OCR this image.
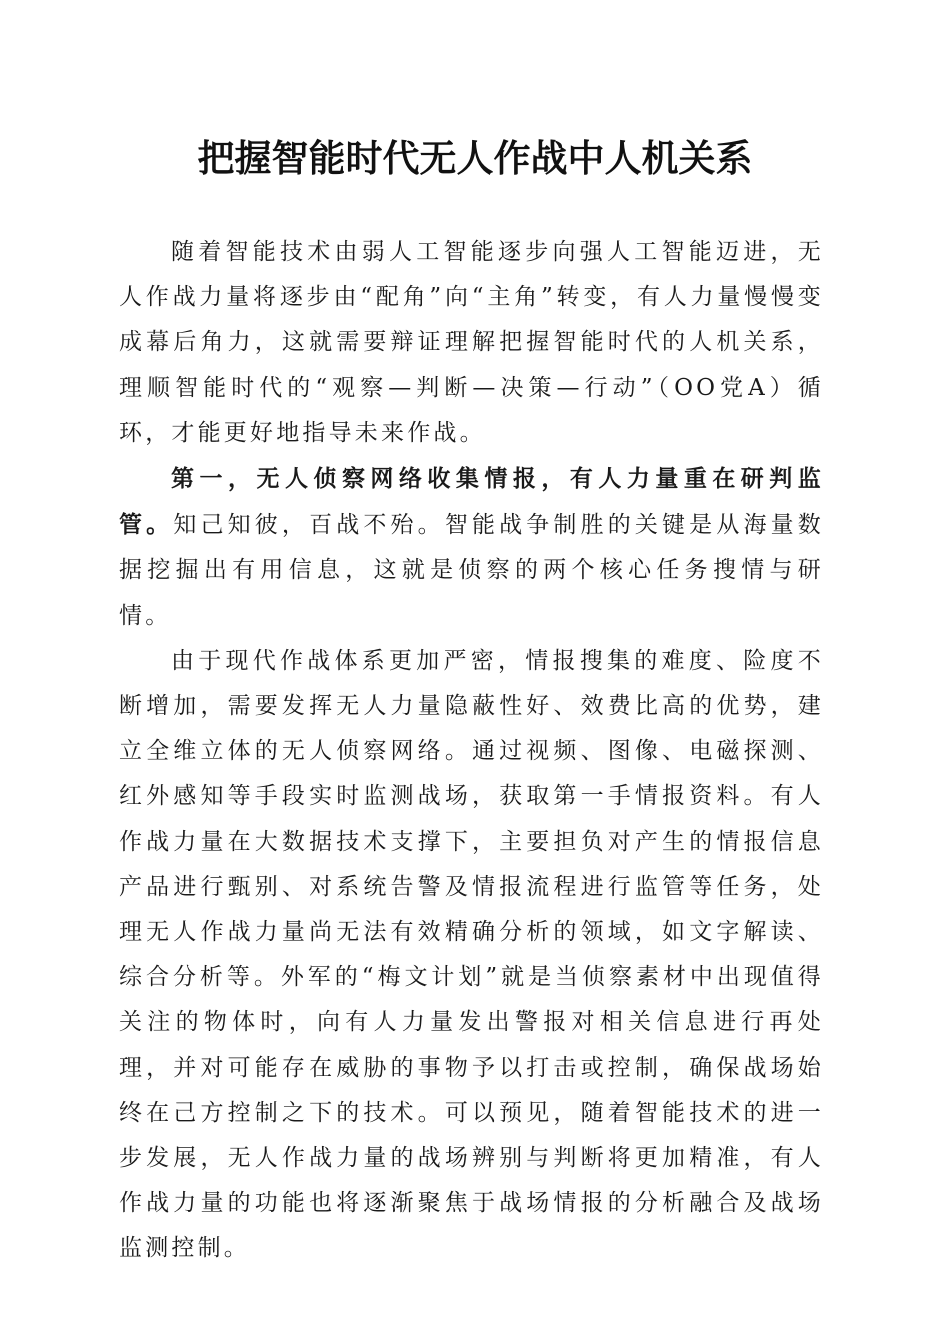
把握智能时代无人作战中人机关系

随着智能技术由弱人工智能逐步向强人工智能迈进，无人作战力量将逐步由“配角”向“主角”转变，有人力量慢慢变成幕后角力，这就需要辩证理解把握智能时代的人机关系，理顺智能时代的“观察—判断—决策—行动”（OO党A）循环，才能更好地指导未来作战。

第一，无人侦察网络收集情报，有人力量重在研判监管。知己知彼，百战不殆。智能战争制胜的关键是从海量数据挖掘出有用信息，这就是侦察的两个核心任务搜情与研情。

由于现代作战体系更加严密，情报搜集的难度、险度不断增加，需要发挥无人力量隐蔽性好、效费比高的优势，建立全维立体的无人侦察网络。通过视频、图像、电磁探测、红外感知等手段实时监测战场，获取第一手情报资料。有人作战力量在大数据技术支撑下，主要担负对产生的情报信息产品进行甄别、对系统告警及情报流程进行监管等任务，处理无人作战力量尚无法有效精确分析的领域，如文字解读、综合分析等。外军的“梅文计划”就是当侦察素材中出现值得关注的物体时，向有人力量发出警报对相关信息进行再处理，并对可能存在威胁的事物予以打击或控制，确保战场始终在己方控制之下的技术。可以预见，随着智能技术的进一步发展，无人作战力量的战场辨别与判断将更加精准，有人作战力量的功能也将逐渐聚焦于战场情报的分析融合及战场监测控制。
